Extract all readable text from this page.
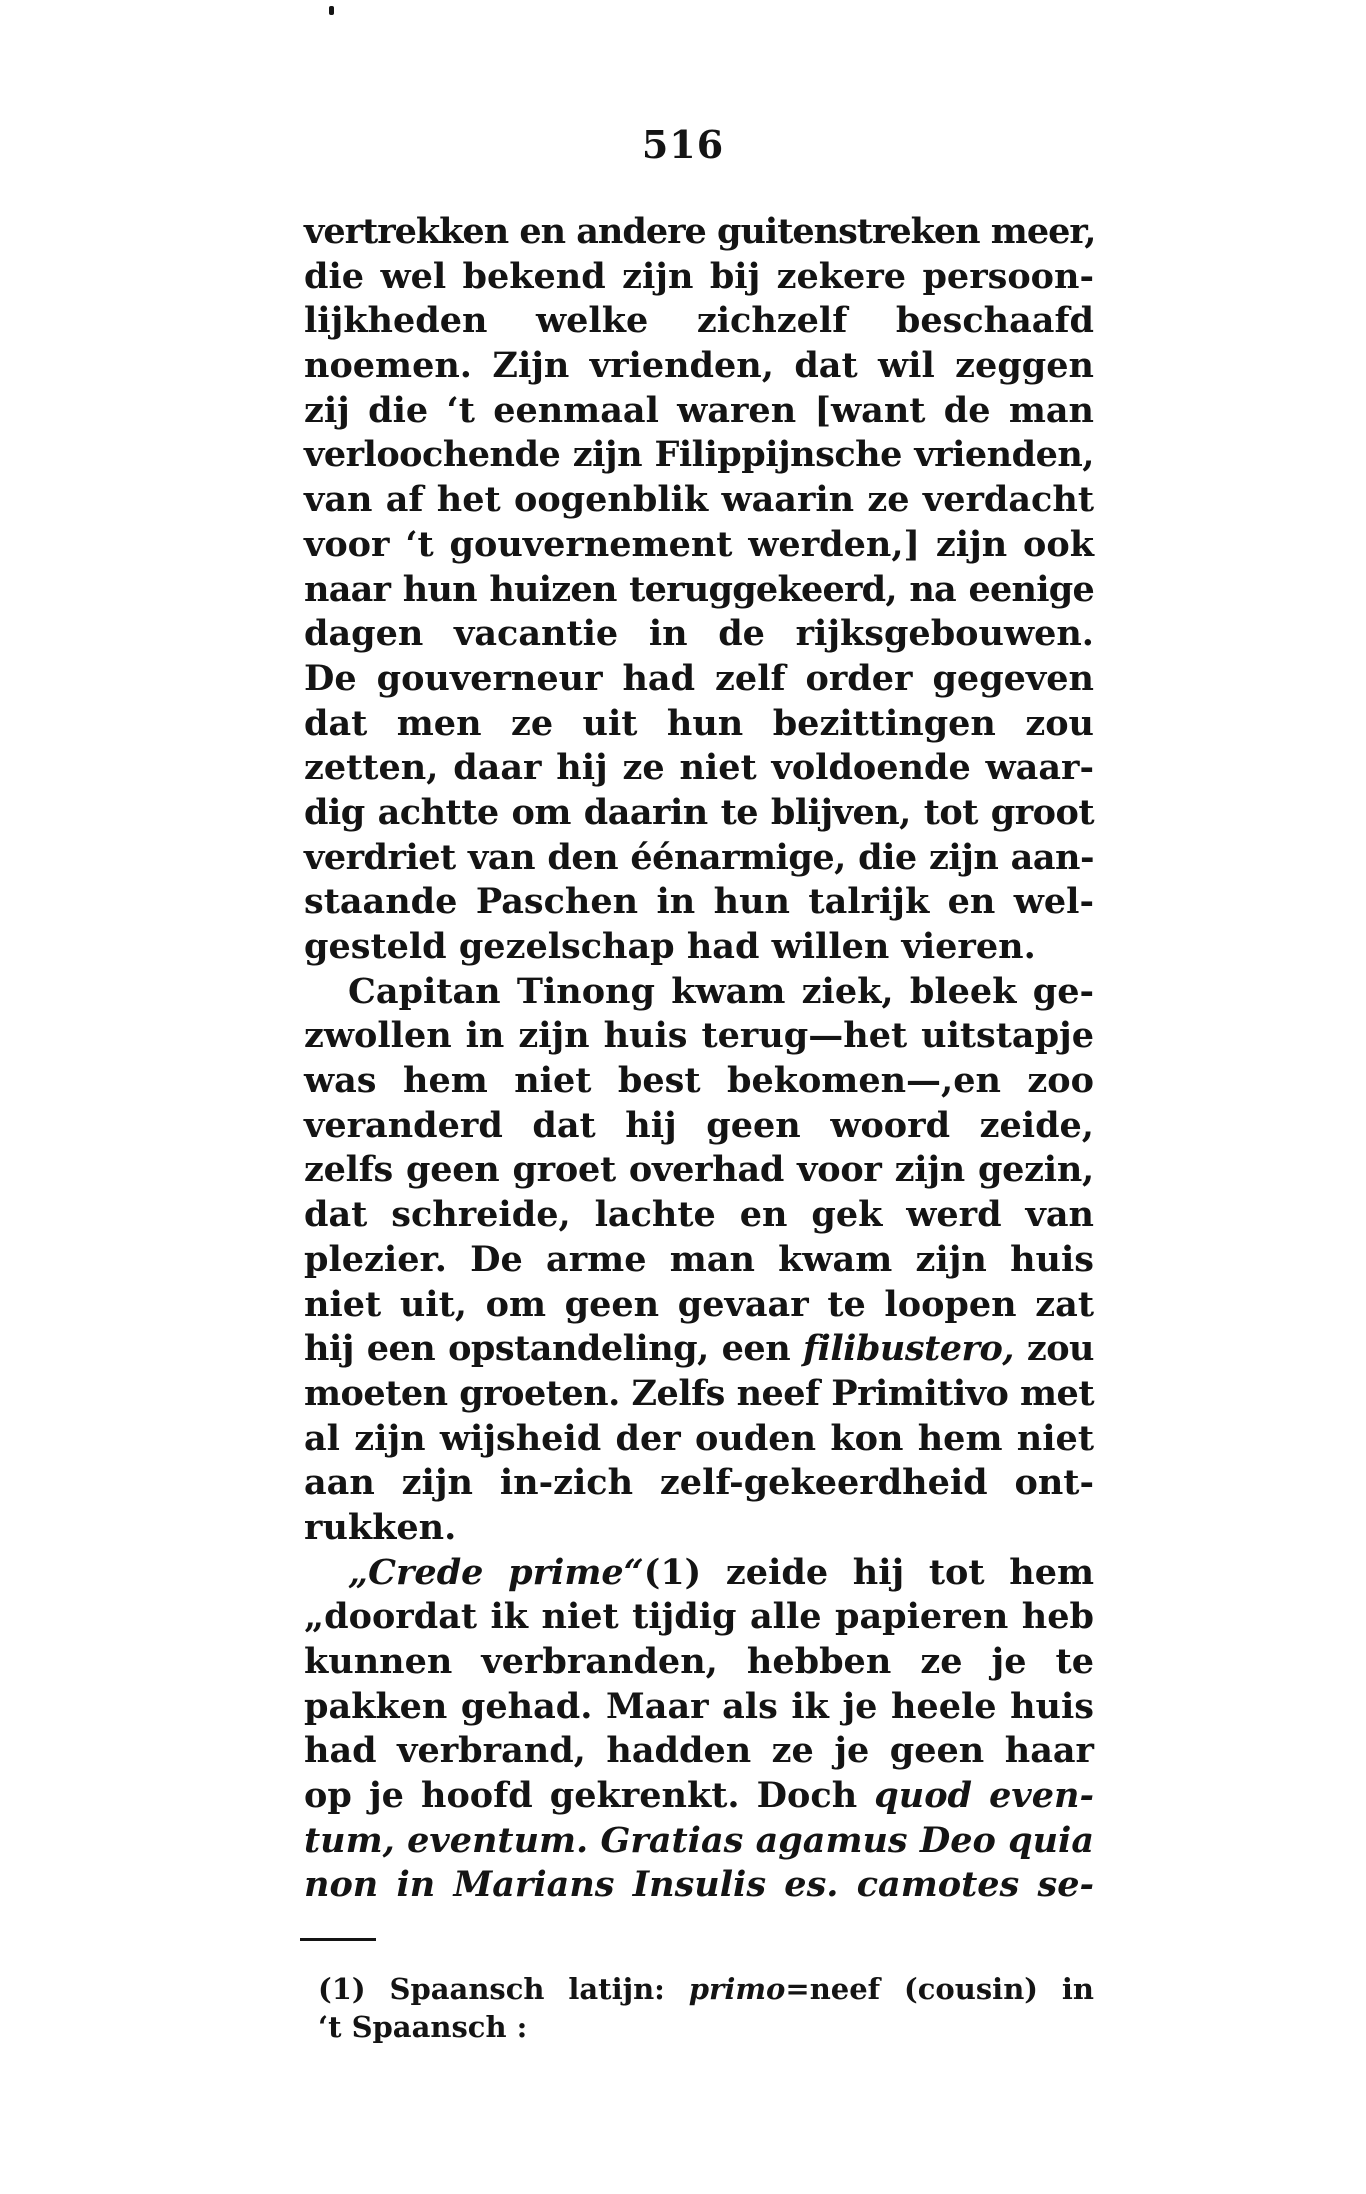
516
vertrekken en andere guitenstreken meer,
die wel bekend zijn bij zekere persoon-
lijkheden welke zichzelf beschaafd
noemen. Zijn vrienden, dat wil zeggen
zij die ‘t eenmaal waren [want de man
verloochende zijn Filippijnsche vrienden,
van af het oogenblik waarin ze verdacht
voor ‘t gouvernement werden,] zijn ook
naar hun huizen teruggekeerd, na eenige
dagen vacantie in de rijksgebouwen.
De gouverneur had zelf order gegeven
dat men ze uit hun bezittingen zou
zetten, daar hij ze niet voldoende waar-
dig achtte om daarin te blijven, tot groot
verdriet van den éénarmige, die zijn aan-
staande Paschen in hun talrijk en wel-
gesteld gezelschap had willen vieren.
Capitan Tinong kwam ziek, bleek ge-
zwollen in zijn huis terug—het uitstapje
was hem niet best bekomen—,en zoo
veranderd dat hij geen woord zeide,
zelfs geen groet overhad voor zijn gezin,
dat schreide, lachte en gek werd van
plezier. De arme man kwam zijn huis
niet uit, om geen gevaar te loopen zat
hij een opstandeling, een filibustero, zou
moeten groeten. Zelfs neef Primitivo met
al zijn wijsheid der ouden kon hem niet
aan zijn in-zich zelf-gekeerdheid ont-
rukken.
„Crede prime“(1) zeide hij tot hem
„doordat ik niet tijdig alle papieren heb
kunnen verbranden, hebben ze je te
pakken gehad. Maar als ik je heele huis
had verbrand, hadden ze je geen haar
op je hoofd gekrenkt. Doch quod even-
tum, eventum. Gratias agamus Deo quia
non in Marians Insulis es. camotes se-
(1) Spaansch latijn: primo=neef (cousin) in
‘t Spaansch :
